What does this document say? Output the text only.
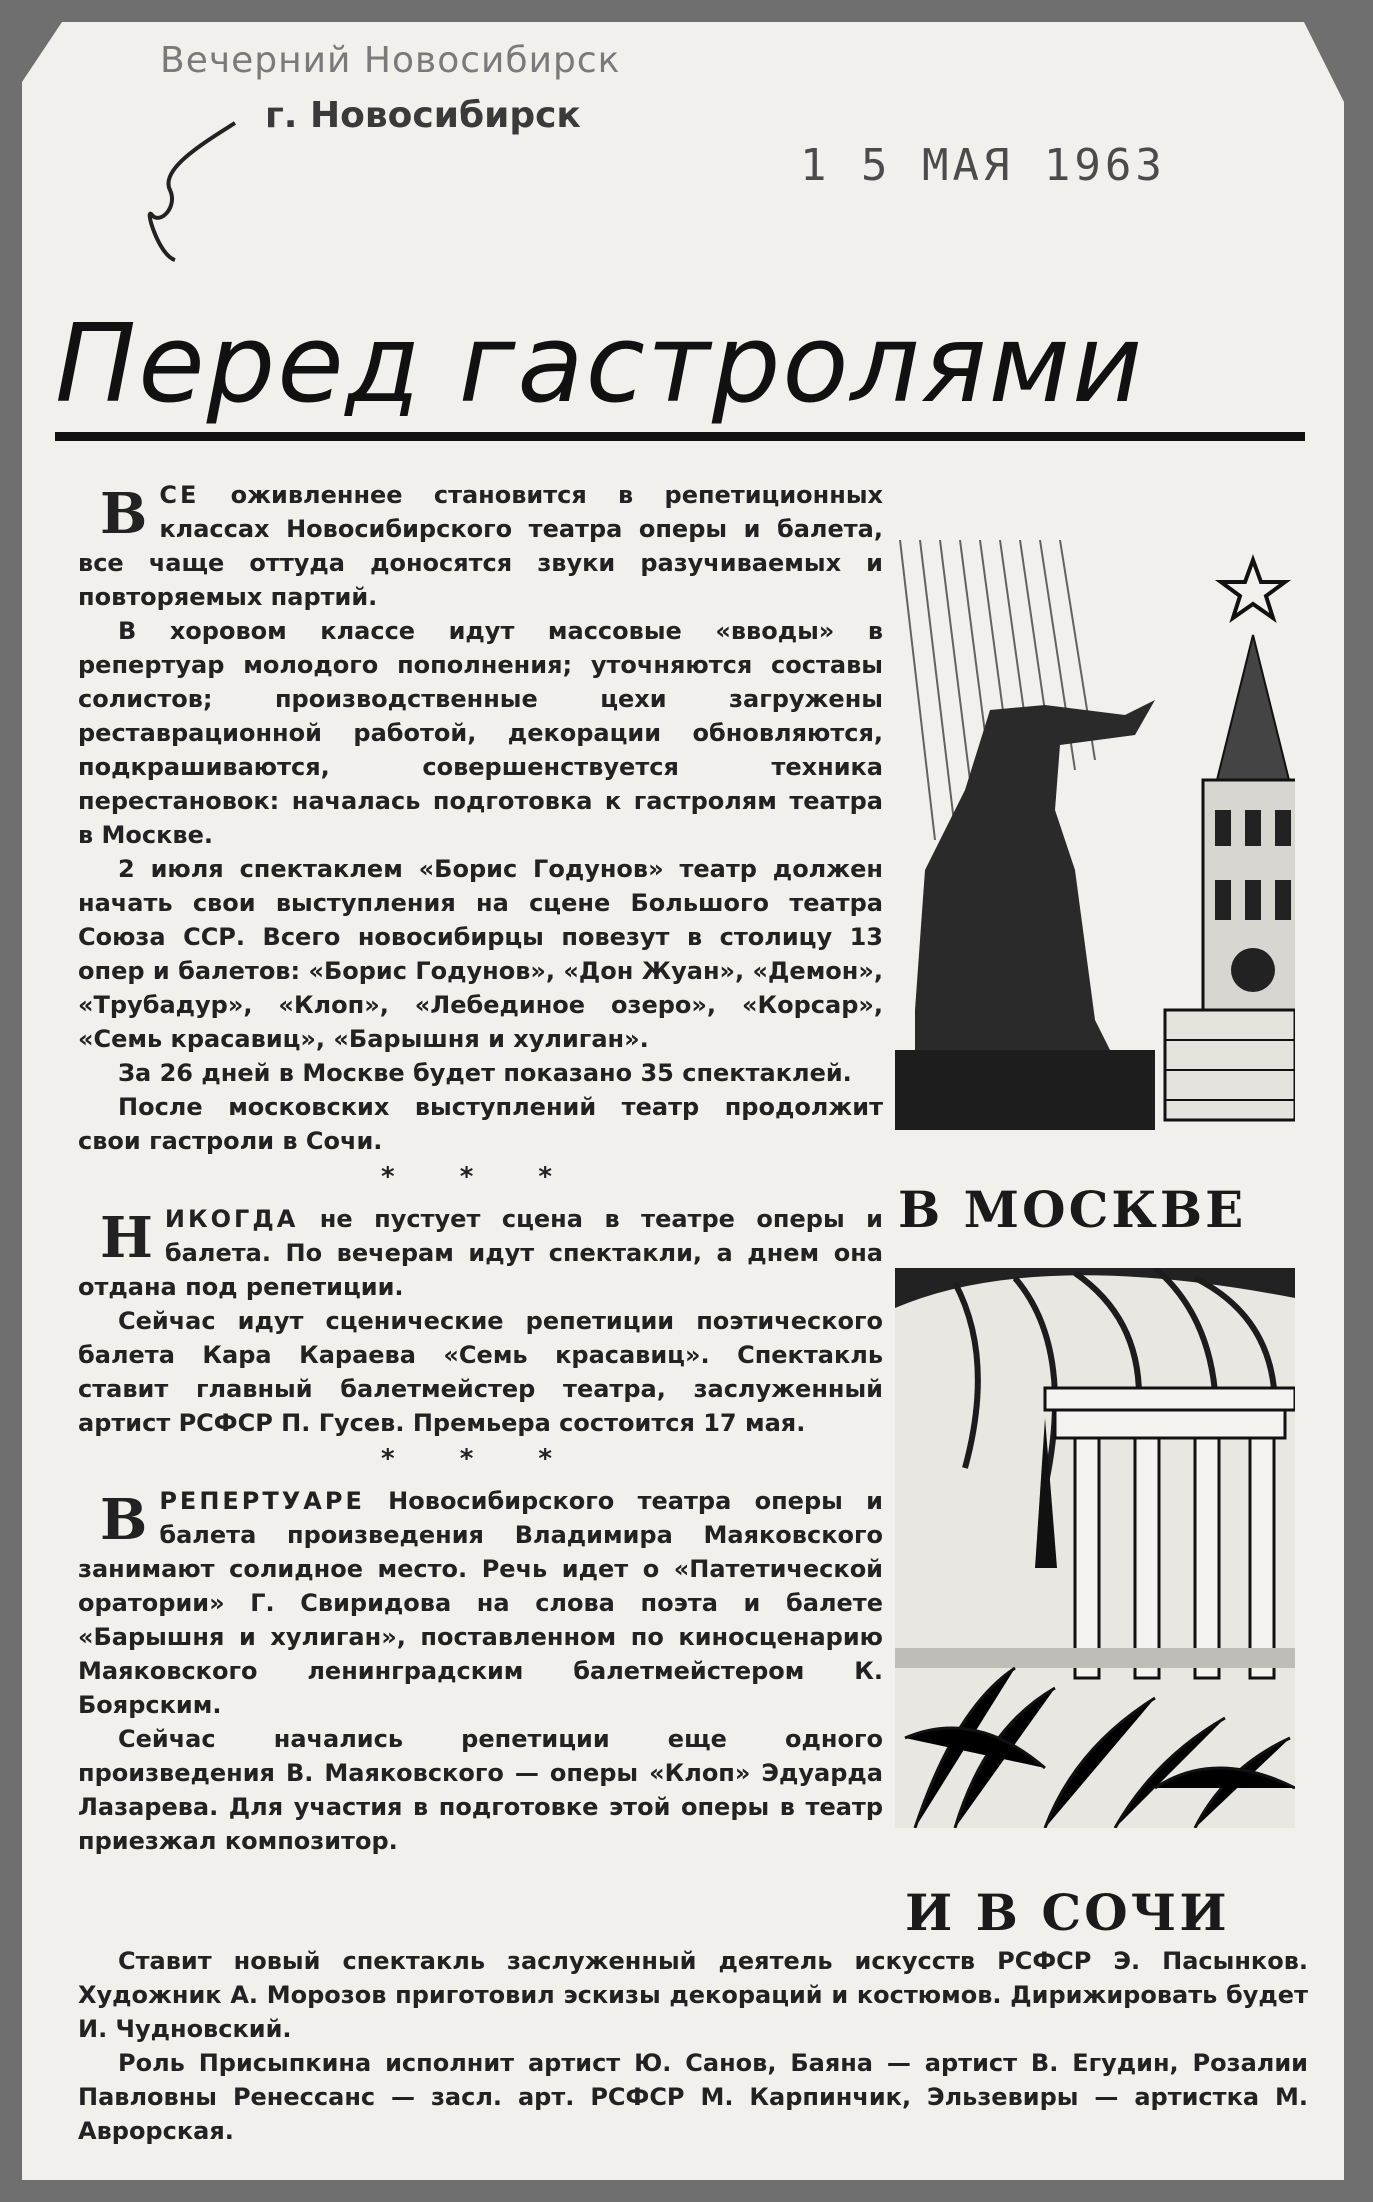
Вечерний Новосибирск
г. Новосибирск
1 5 МАЯ 1963
Перед гастролями

ВСЕ оживленнее становится в репетиционных классах Новосибирского театра оперы и балета, все чаще оттуда доносятся звуки разучиваемых и повторяемых партий.

В хоровом классе идут массовые «вводы» в репертуар молодого пополнения; уточняются составы солистов; производственные цехи загружены реставрационной работой, декорации обновляются, подкрашиваются, совершенствуется техника перестановок: началась подготовка к гастролям театра в Москве.

2 июля спектаклем «Борис Годунов» театр должен начать свои выступления на сцене Большого театра Союза ССР. Всего новосибирцы повезут в столицу 13 опер и балетов: «Борис Годунов», «Дон Жуан», «Демон», «Трубадур», «Клоп», «Лебединое озеро», «Корсар», «Семь красавиц», «Барышня и хулиган».

За 26 дней в Москве будет показано 35 спектаклей.

После московских выступлений театр продолжит свои гастроли в Сочи.

* * *

НИКОГДА не пустует сцена в театре оперы и балета. По вечерам идут спектакли, а днем она отдана под репетиции.

Сейчас идут сценические репетиции поэтического балета Кара Караева «Семь красавиц». Спектакль ставит главный балетмейстер театра, заслуженный артист РСФСР П. Гусев. Премьера состоится 17 мая.

* * *

ВРЕПЕРТУАРЕ Новосибирского театра оперы и балета произведения Владимира Маяковского занимают солидное место. Речь идет о «Патетической оратории» Г. Свиридова на слова поэта и балете «Барышня и хулиган», поставленном по киносценарию Маяковского ленинградским балетмейстером К. Боярским.

Сейчас начались репетиции еще одного произведения В. Маяковского — оперы «Клоп» Эдуарда Лазарева. Для участия в подготовке этой оперы в театр приезжал композитор.

Ставит новый спектакль заслуженный деятель искусств РСФСР Э. Пасынков. Художник А. Морозов приготовил эскизы декораций и костюмов. Дирижировать будет И. Чудновский.

Роль Присыпкина исполнит артист Ю. Санов, Баяна — артист В. Егудин, Розалии Павловны Ренессанс — засл. арт. РСФСР М. Карпинчик, Эльзевиры — артистка М. Аврорская.

В МОСКВЕ
И В СОЧИ
